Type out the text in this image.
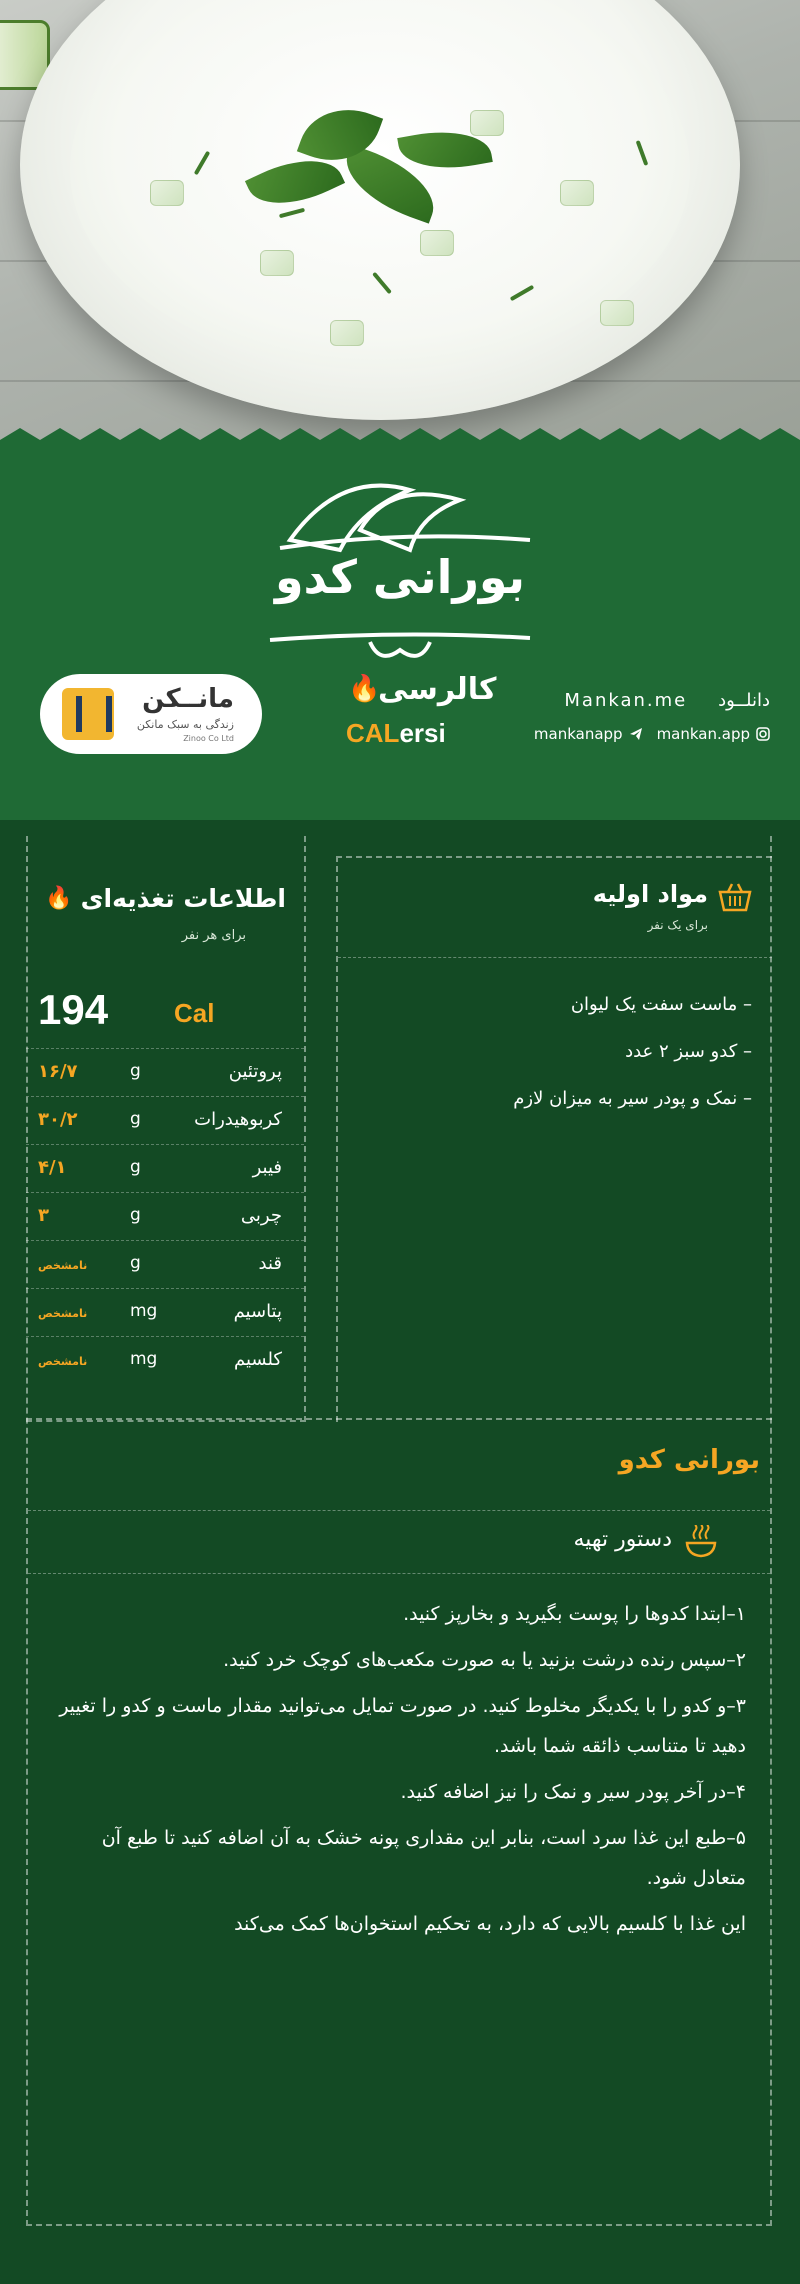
بورانی کدو
مانــکن
زندگی به سبک مانکن
Zinoo Co Ltd
🔥
کالرسی
CALersi
Mankan.me دانلــود
mankanapp mankan.app
اطلاعات تغذیه‌ای
🔥
برای هر نفر
194	Cal
پروتئین
g
۱۶/۷
کربوهیدرات
g
۳۰/۲
فیبر
g
۴/۱
چربی
g
۳
قند
g
نامشخص
پتاسیم
mg
نامشخص
کلسیم
mg
نامشخص
مواد اولیه
برای یک نفر
– ماست سفت یک لیوان
– کدو سبز ۲ عدد
– نمک و پودر سیر به میزان لازم
بورانی کدو
دستور تهیه
۱–ابتدا کدوها را پوست بگیرید و بخارپز کنید.
۲–سپس رنده درشت بزنید یا به صورت مکعب‌های کوچک خرد کنید.
۳–و کدو را با یکدیگر مخلوط کنید. در صورت تمایل می‌توانید مقدار ماست و کدو را تغییر دهید تا متناسب ذائقه شما باشد.
۴–در آخر پودر سیر و نمک را نیز اضافه کنید.
۵–طبع این غذا سرد است، بنابر این مقداری پونه خشک به آن اضافه کنید تا طبع آن متعادل شود.
این غذا با کلسیم بالایی که دارد، به تحکیم استخوان‌ها کمک می‌کند
